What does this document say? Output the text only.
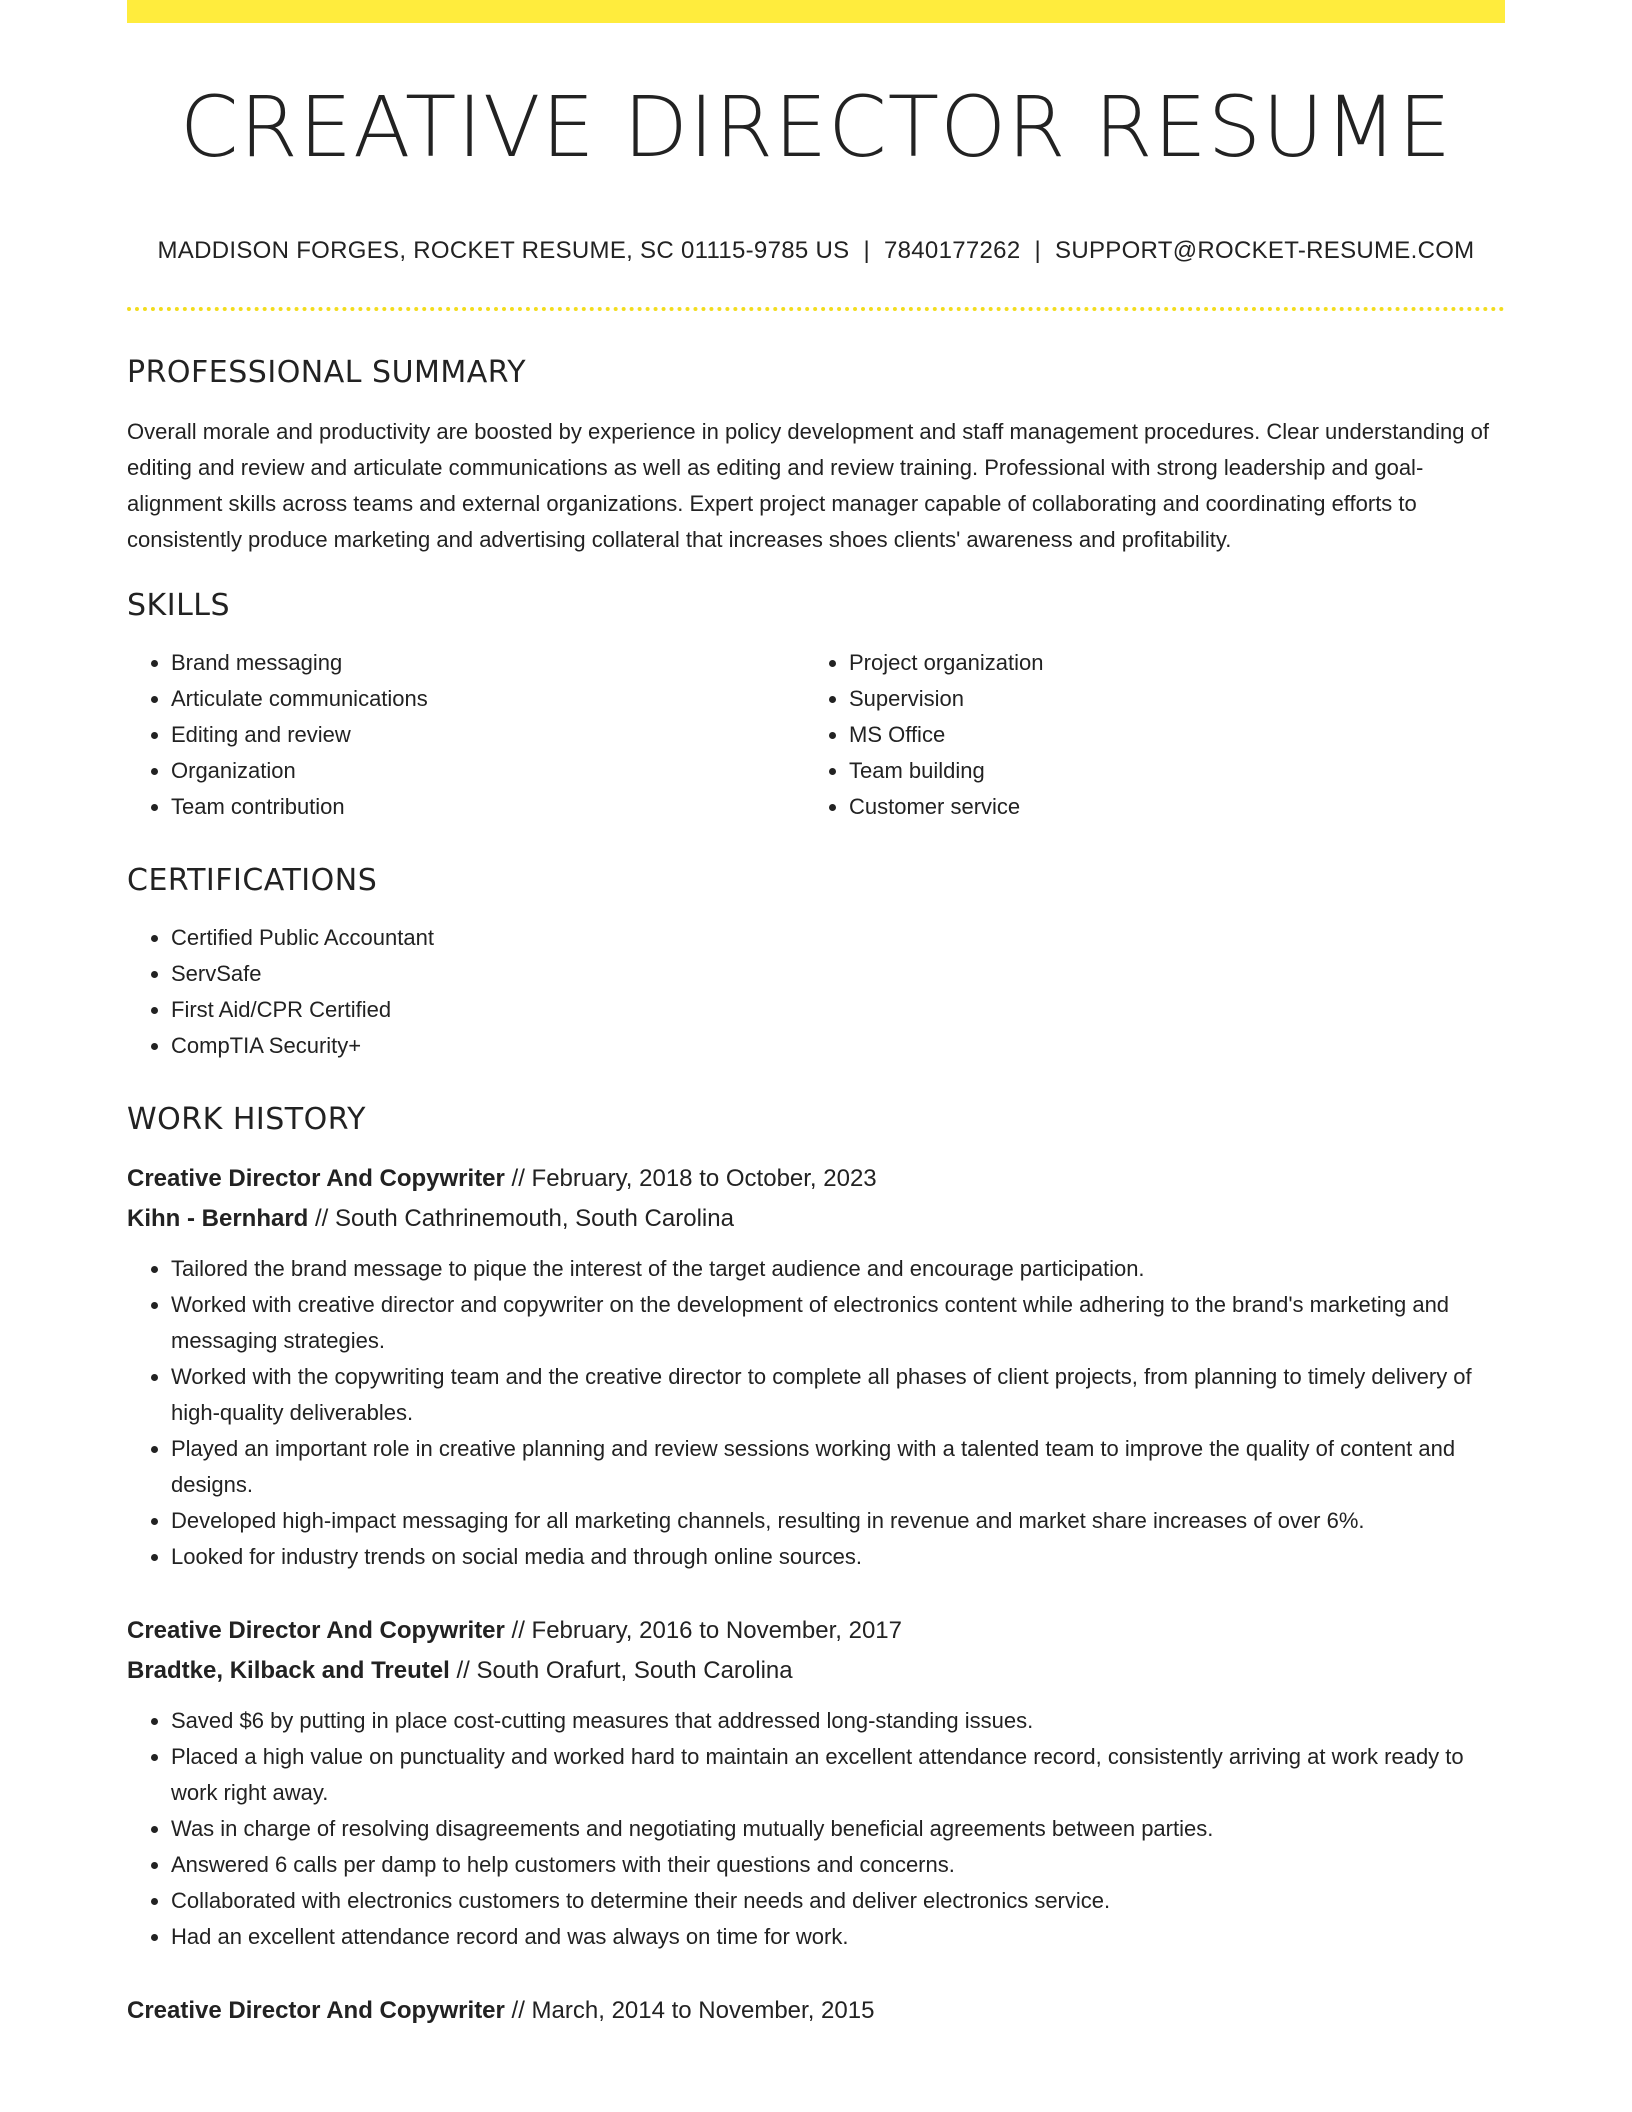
CREATIVE DIRECTOR RESUME
MADDISON FORGES, ROCKET RESUME, SC 01115-9785 US | 7840177262 | SUPPORT@ROCKET-RESUME.COM
PROFESSIONAL SUMMARY

Overall morale and productivity are boosted by experience in policy development and staff management procedures. Clear understanding of editing and review and articulate communications as well as editing and review training. Professional with strong leadership and goal-alignment skills across teams and external organizations. Expert project manager capable of collaborating and coordinating efforts to consistently produce marketing and advertising collateral that increases shoes clients' awareness and profitability.

SKILLS
• Brand messaging
• Articulate communications
• Editing and review
• Organization
• Team contribution
• Project organization
• Supervision
• MS Office
• Team building
• Customer service
CERTIFICATIONS
• Certified Public Accountant
• ServSafe
• First Aid/CPR Certified
• CompTIA Security+
WORK HISTORY
Creative Director And Copywriter // February, 2018 to October, 2023
Kihn - Bernhard // South Cathrinemouth, South Carolina
• Tailored the brand message to pique the interest of the target audience and encourage participation.
• Worked with creative director and copywriter on the development of electronics content while adhering to the brand's marketing and messaging strategies.
• Worked with the copywriting team and the creative director to complete all phases of client projects, from planning to timely delivery of high-quality deliverables.
• Played an important role in creative planning and review sessions working with a talented team to improve the quality of content and designs.
• Developed high-impact messaging for all marketing channels, resulting in revenue and market share increases of over 6%.
• Looked for industry trends on social media and through online sources.
Creative Director And Copywriter // February, 2016 to November, 2017
Bradtke, Kilback and Treutel // South Orafurt, South Carolina
• Saved $6 by putting in place cost-cutting measures that addressed long-standing issues.
• Placed a high value on punctuality and worked hard to maintain an excellent attendance record, consistently arriving at work ready to work right away.
• Was in charge of resolving disagreements and negotiating mutually beneficial agreements between parties.
• Answered 6 calls per damp to help customers with their questions and concerns.
• Collaborated with electronics customers to determine their needs and deliver electronics service.
• Had an excellent attendance record and was always on time for work.
Creative Director And Copywriter // March, 2014 to November, 2015
